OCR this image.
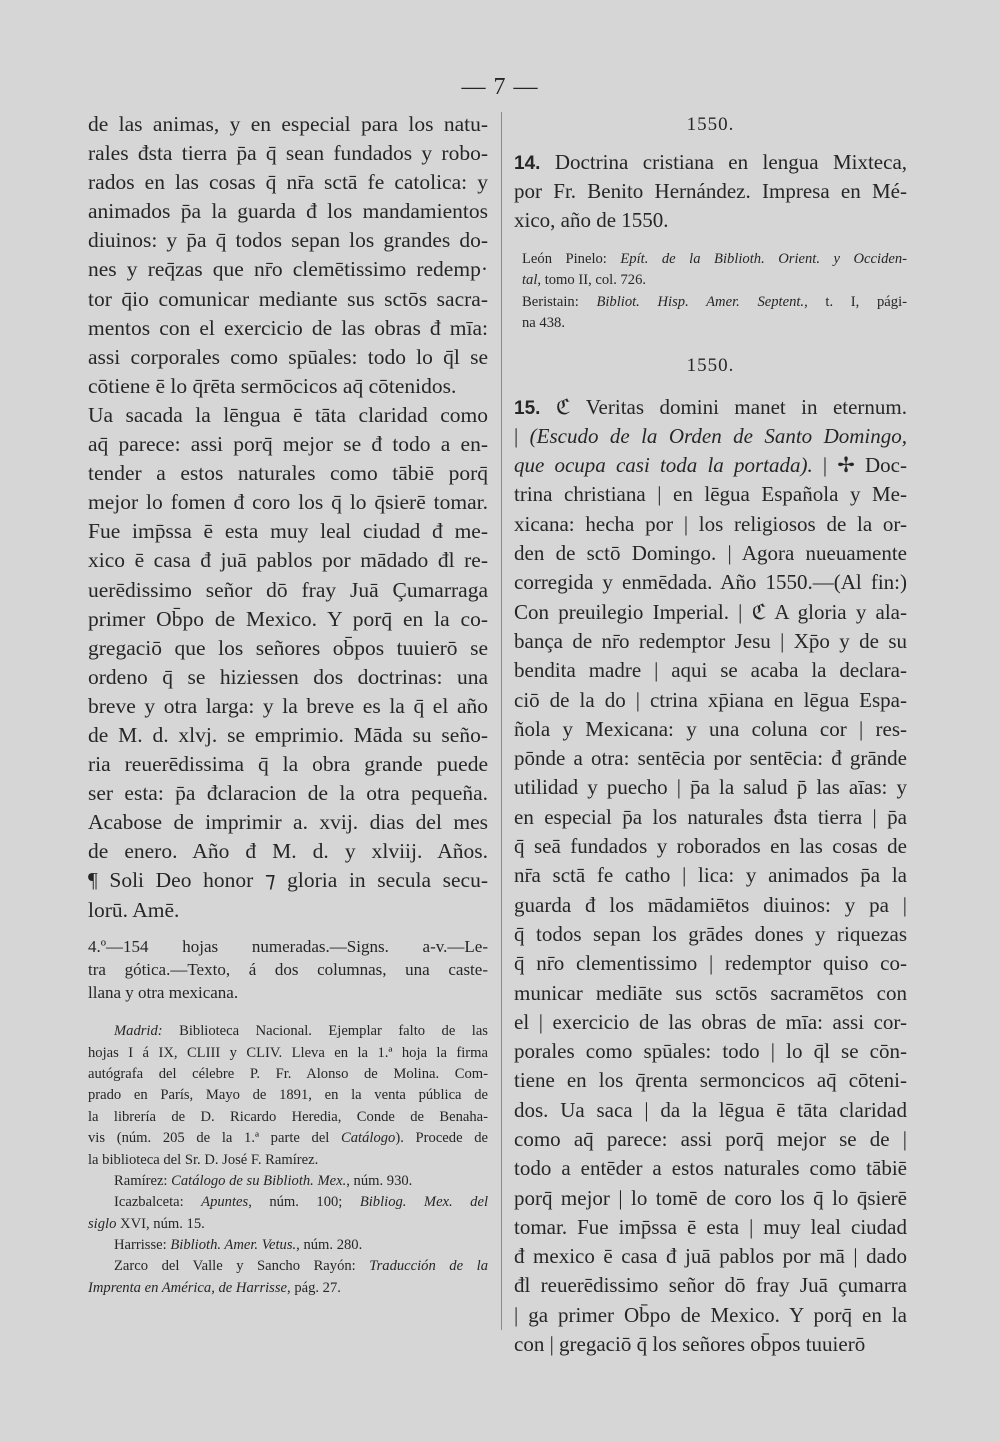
— 7 —
de las animas, y en especial para los natu-
rales đsta tierra p̄a q̄ sean fundados y robo-
rados en las cosas q̄ nr̄a sctā fe catolica: y
animados p̄a la guarda đ los mandamientos
diuinos: y p̄a q̄ todos sepan los grandes do-
nes y req̄zas que nr̄o clemētissimo redemp·
tor q̄io comunicar mediante sus sctōs sacra-
mentos con el exercicio de las obras đ mīa:
assi corporales como spūales: todo lo q̄l se
cōtiene ē lo q̄rēta sermōcicos aq̄ cōtenidos.
Ua sacada la lēngua ē tāta claridad como
aq̄ parece: assi porq̄ mejor se đ todo a en-
tender a estos naturales como tābiē porq̄
mejor lo fomen đ coro los q̄ lo q̄sierē tomar.
Fue imp̄ssa ē esta muy leal ciudad đ me-
xico ē casa đ juā pablos por mādado đl re-
uerēdissimo señor dō fray Juā Çumarraga
primer Ob̄po de Mexico. Y porq̄ en la co-
gregaciō que los señores ob̄pos tuuierō se
ordeno q̄ se hiziessen dos doctrinas: una
breve y otra larga: y la breve es la q̄ el año
de M. d. xlvj. se emprimio. Māda su seño-
ria reuerēdissima q̄ la obra grande puede
ser esta: p̄a đclaracion de la otra pequeña.
Acabose de imprimir a. xvij. dias del mes
de enero. Año đ M. d. y xlviij. Años.
¶ Soli Deo honor ⁊ gloria in secula secu-
lorū. Amē.
4.º—154 hojas numeradas.—Signs. a-v.—Le-
tra gótica.—Texto, á dos columnas, una caste-
llana y otra mexicana.
Madrid: Biblioteca Nacional. Ejemplar falto de las
hojas I á IX, CLIII y CLIV. Lleva en la 1.ª hoja la firma
autógrafa del célebre P. Fr. Alonso de Molina. Com-
prado en París, Mayo de 1891, en la venta pública de
la librería de D. Ricardo Heredia, Conde de Benaha-
vis (núm. 205 de la 1.ª parte del Catálogo). Procede de
la biblioteca del Sr. D. José F. Ramírez.
Ramírez: Catálogo de su Biblioth. Mex., núm. 930.
Icazbalceta: Apuntes, núm. 100; Bibliog. Mex. del
siglo XVI, núm. 15.
Harrisse: Biblioth. Amer. Vetus., núm. 280.
Zarco del Valle y Sancho Rayón: Traducción de la
Imprenta en América, de Harrisse, pág. 27.
1550.
14. Doctrina cristiana en lengua Mixteca,
por Fr. Benito Hernández. Impresa en Mé-
xico, año de 1550.
León Pinelo: Epít. de la Biblioth. Orient. y Occiden-
tal, tomo II, col. 726.
Beristain: Bibliot. Hisp. Amer. Septent., t. I, pági-
na 438.
1550.
15. ℭ Veritas domini manet in eternum.
| (Escudo de la Orden de Santo Domingo,
que ocupa casi toda la portada). | ✢ Doc-
trina christiana | en lēgua Española y Me-
xicana: hecha por | los religiosos de la or-
den de sctō Domingo. | Agora nueuamente
corregida y enmēdada. Año 1550.—(Al fin:)
Con preuilegio Imperial. | ℭ A gloria y ala-
bança de nr̄o redemptor Jesu | Xp̄o y de su
bendita madre | aqui se acaba la declara-
ciō de la do | ctrina xp̄iana en lēgua Espa-
ñola y Mexicana: y una coluna cor | res-
pōnde a otra: sentēcia por sentēcia: đ grānde
utilidad y puecho | p̄a la salud p̄ las aīas: y
en especial p̄a los naturales đsta tierra | p̄a
q̄ seā fundados y roborados en las cosas de
nr̄a sctā fe catho | lica: y animados p̄a la
guarda đ los mādamiētos diuinos: y pa |
q̄ todos sepan los grādes dones y riquezas
q̄ nr̄o clementissimo | redemptor quiso co-
municar mediāte sus sctōs sacramētos con
el | exercicio de las obras de mīa: assi cor-
porales como spūales: todo | lo q̄l se cōn-
tiene en los q̄renta sermoncicos aq̄ cōteni-
dos. Ua saca | da la lēgua ē tāta claridad
como aq̄ parece: assi porq̄ mejor se de |
todo a entēder a estos naturales como tābiē
porq̄ mejor | lo tomē de coro los q̄ lo q̄sierē
tomar. Fue imp̄ssa ē esta | muy leal ciudad
đ mexico ē casa đ juā pablos por mā | dado
đl reuerēdissimo señor dō fray Juā çumarra
| ga primer Ob̄po de Mexico. Y porq̄ en la
con | gregaciō q̄ los señores ob̄pos tuuierō
